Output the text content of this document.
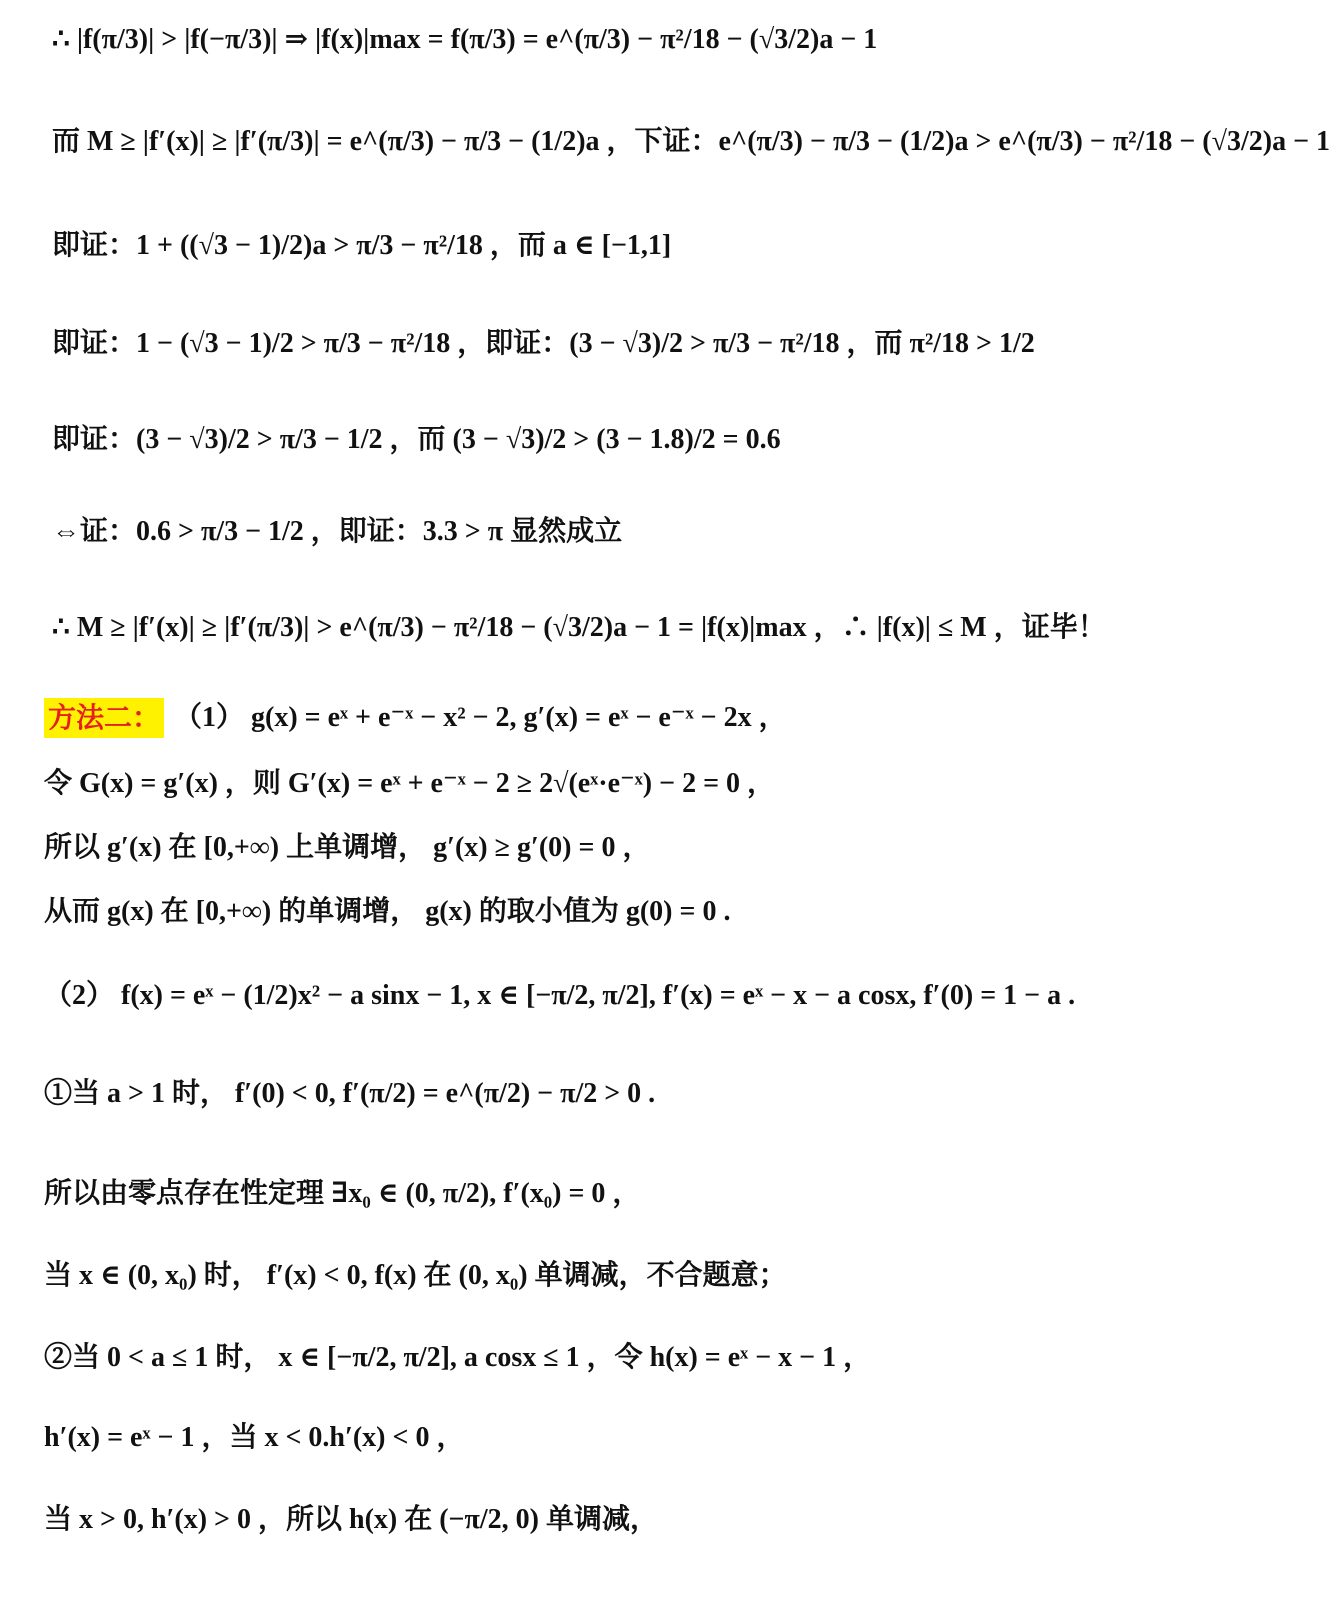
∴ |f(π/3)| > |f(−π/3)| ⇒ |f(x)|max = f(π/3) = e^(π/3) − π²/18 − (√3/2)a − 1
而 M ≥ |f′(x)| ≥ |f′(π/3)| = e^(π/3) − π/3 − (1/2)a ，下证：e^(π/3) − π/3 − (1/2)a > e^(π/3) − π²/18 − (√3/2)a − 1
即证：1 + ((√3 − 1)/2)a > π/3 − π²/18 ，而 a ∈ [−1,1]
即证：1 − (√3 − 1)/2 > π/3 − π²/18 ，即证：(3 − √3)/2 > π/3 − π²/18 ，而 π²/18 > 1/2
即证：(3 − √3)/2 > π/3 − 1/2 ，而 (3 − √3)/2 > (3 − 1.8)/2 = 0.6
⇔证：0.6 > π/3 − 1/2 ，即证：3.3 > π 显然成立
∴ M ≥ |f′(x)| ≥ |f′(π/3)| > e^(π/3) − π²/18 − (√3/2)a − 1 = |f(x)|max ，∴ |f(x)| ≤ M ，证毕！
方法二： （1） g(x) = eˣ + e⁻ˣ − x² − 2, g′(x) = eˣ − e⁻ˣ − 2x ，
令 G(x) = g′(x) ，则 G′(x) = eˣ + e⁻ˣ − 2 ≥ 2√(eˣ·e⁻ˣ) − 2 = 0 ，
所以 g′(x) 在 [0,+∞) 上单调增， g′(x) ≥ g′(0) = 0 ，
从而 g(x) 在 [0,+∞) 的单调增， g(x) 的取小值为 g(0) = 0 .
（2） f(x) = eˣ − (1/2)x² − a sinx − 1, x ∈ [−π/2, π/2], f′(x) = eˣ − x − a cosx, f′(0) = 1 − a .
①当 a > 1 时， f′(0) < 0, f′(π/2) = e^(π/2) − π/2 > 0 .
所以由零点存在性定理 ∃x₀ ∈ (0, π/2), f′(x₀) = 0 ，
当 x ∈ (0, x₀) 时， f′(x) < 0, f(x) 在 (0, x₀) 单调减，不合题意；
②当 0 < a ≤ 1 时， x ∈ [−π/2, π/2], a cosx ≤ 1 ，令 h(x) = eˣ − x − 1 ，
h′(x) = eˣ − 1 ，当 x < 0.h′(x) < 0 ，
当 x > 0, h′(x) > 0 ，所以 h(x) 在 (−π/2, 0) 单调减，
